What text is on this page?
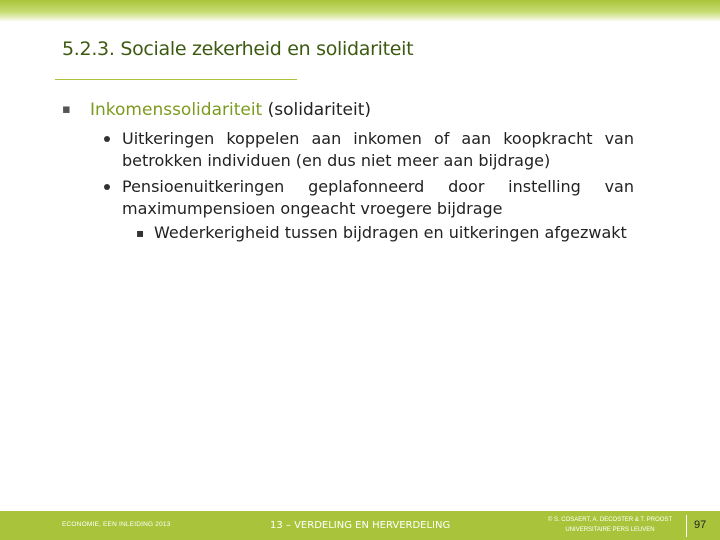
5.2.3. Sociale zekerheid en solidariteit
▪	Inkomenssolidariteit (solidariteit)
Uitkeringen koppelen aan inkomen of aan koopkracht van betrokken individuen (en dus niet meer aan bijdrage)
Pensioenuitkeringen geplafonneerd door instelling van maximumpensioen ongeacht vroegere bijdrage
▪ Wederkerigheid tussen bijdragen en uitkeringen afgezwakt
ECONOMIE, EEN INLEIDING 2013	13 – VERDELING EN HERVERDELING	© S. COSAERT, A. DECOSTER & T. PROOST
UNIVERSITAIRE PERS LEUVEN	97
